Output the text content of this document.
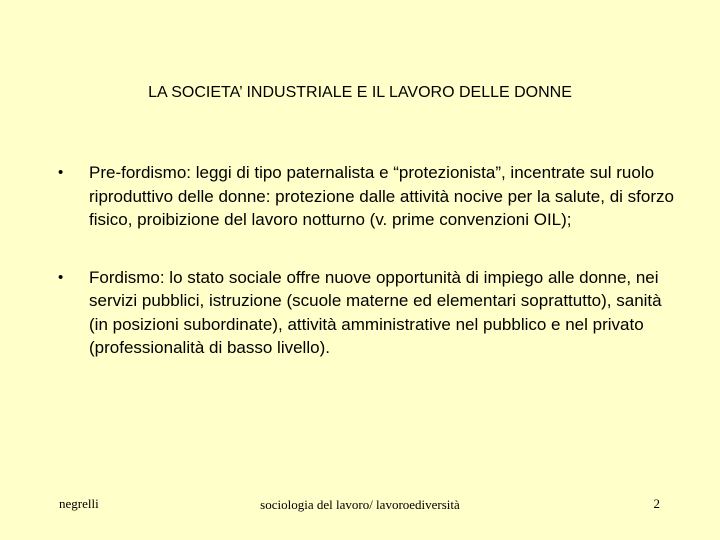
LA SOCIETA’ INDUSTRIALE E IL LAVORO DELLE DONNE
• Pre-fordismo: leggi di tipo paternalista e “protezionista”, incentrate sul ruolo riproduttivo delle donne: protezione dalle attività nocive per la salute, di sforzo fisico, proibizione del lavoro notturno (v. prime convenzioni OIL);
• Fordismo: lo stato sociale offre nuove opportunità di impiego alle donne, nei servizi pubblici, istruzione (scuole materne ed elementari soprattutto), sanità (in posizioni subordinate), attività amministrative nel pubblico e nel privato (professionalità di basso livello).
negrelli	sociologia del lavoro/ lavoroediversità	2
